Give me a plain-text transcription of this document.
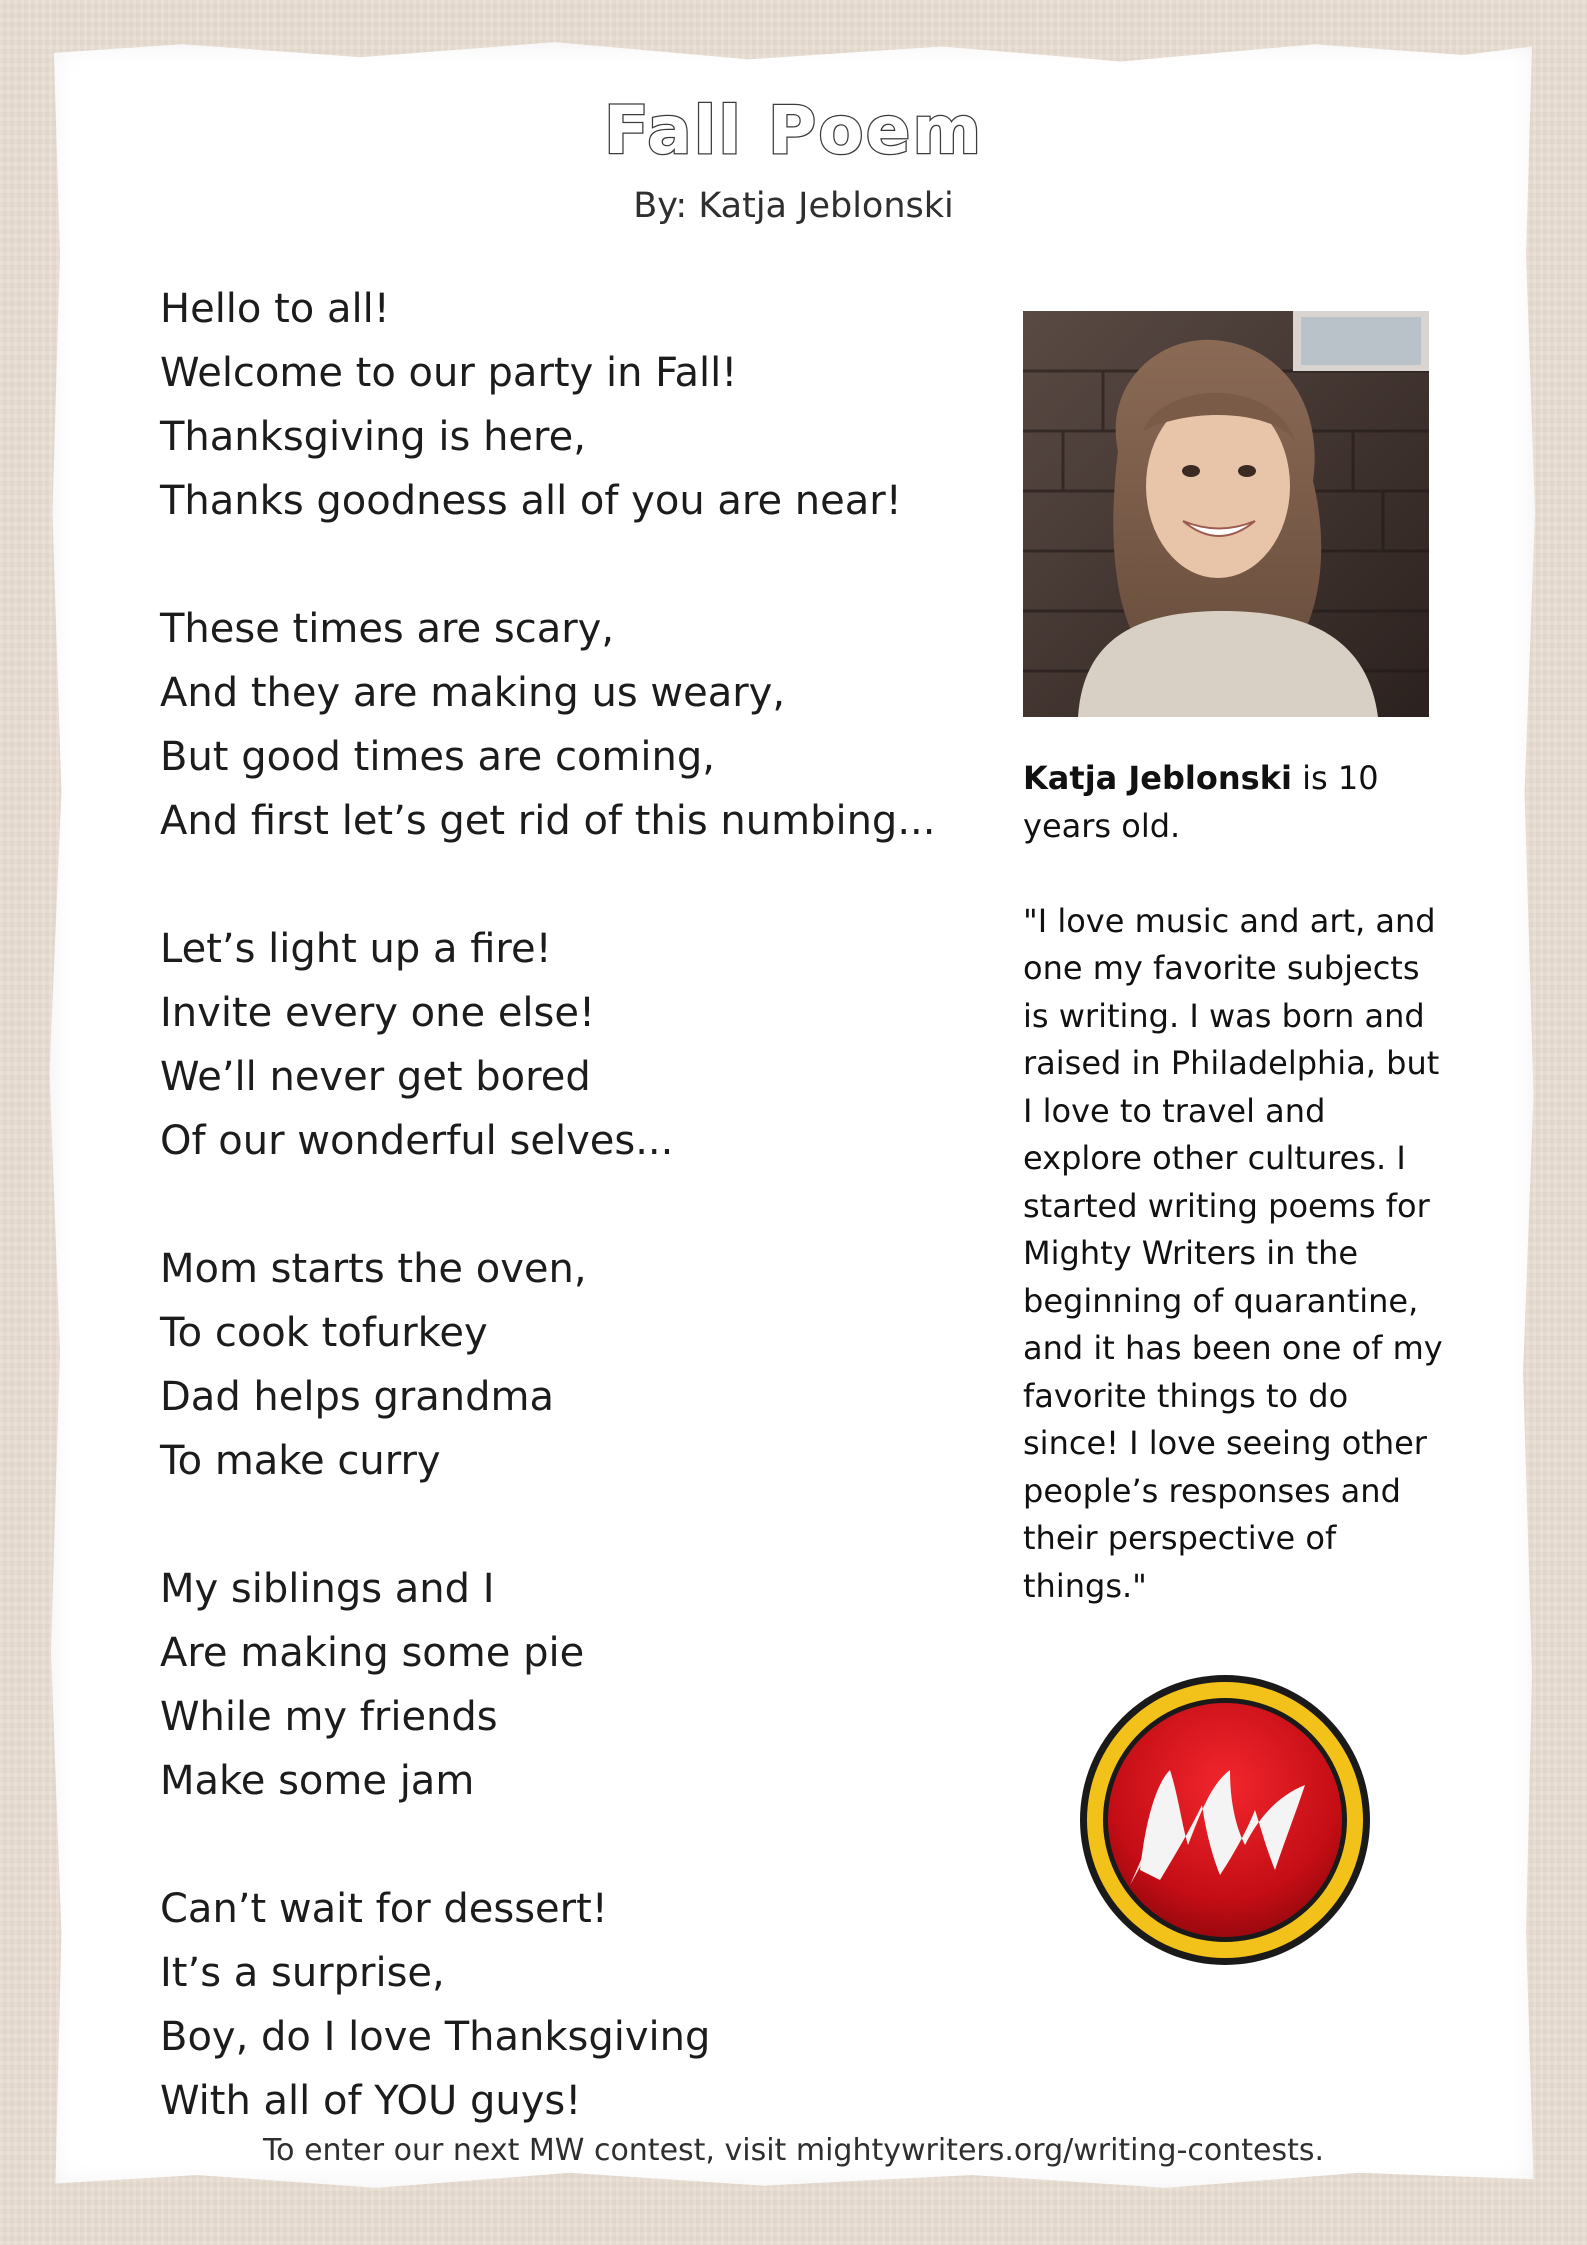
Fall Poem
By: Katja Jeblonski
Hello to all!
Welcome to our party in Fall!
Thanksgiving is here,
Thanks goodness all of you are near!
These times are scary,
And they are making us weary,
But good times are coming,
And first let’s get rid of this numbing...
Let’s light up a fire!
Invite every one else!
We’ll never get bored
Of our wonderful selves...
Mom starts the oven,
To cook tofurkey
Dad helps grandma
To make curry
My siblings and I
Are making some pie
While my friends
Make some jam
Can’t wait for dessert!
It’s a surprise,
Boy, do I love Thanksgiving
With all of YOU guys!

Katja Jeblonski is 10 years old.

"I love music and art, and one my favorite subjects is writing. I was born and raised in Philadelphia, but I love to travel and explore other cultures. I started writing poems for Mighty Writers in the beginning of quarantine, and it has been one of my favorite things to do since! I love seeing other people’s responses and their perspective of things."

To enter our next MW contest, visit mightywriters.org/writing-contests.
